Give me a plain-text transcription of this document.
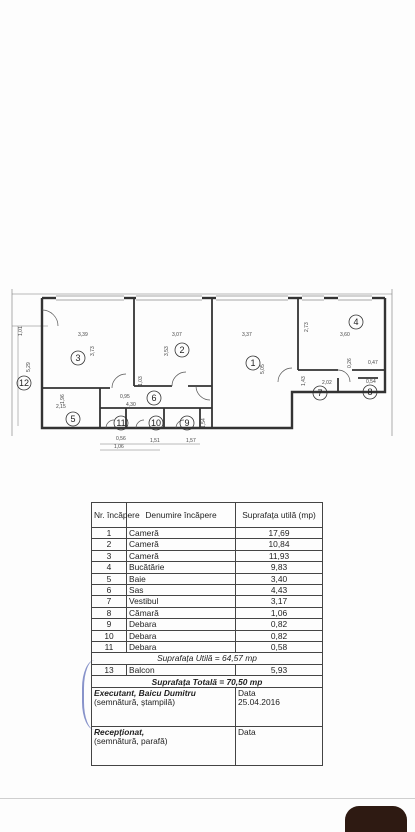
5,29
1,01	3,39
3,73
3,07
3,53
3,37
5,05
3,60
2,73
2,15
1,96
1,03
0,95
4,30
2,02
1,43
0,26	0,47
0,54
0,56
1,06
1,51	1,57
1,54
3
2
1
4
5
6	7	8
9
10
11
12
Nr. încăpere	Denumire încăpere	Suprafața utilă (mp)
1	Cameră	17,69
2	Cameră	10,84
3	Cameră	11,93
4	Bucătărie	9,83
5	Baie	3,40
6	Sas	4,43
7	Vestibul	3,17
8	Cămară	1,06
9	Debara	0,82
10	Debara	0,82
11	Debara	0,58
Suprafața Utilă = 64,57 mp		
13	Balcon	5,93
Suprafața Totală = 70,50 mp		

Executant, Baicu Dumitru
(semnătură, ștampilă)		Data
25.04.2016

Recepționat,
(semnătură, parafă)		Data
